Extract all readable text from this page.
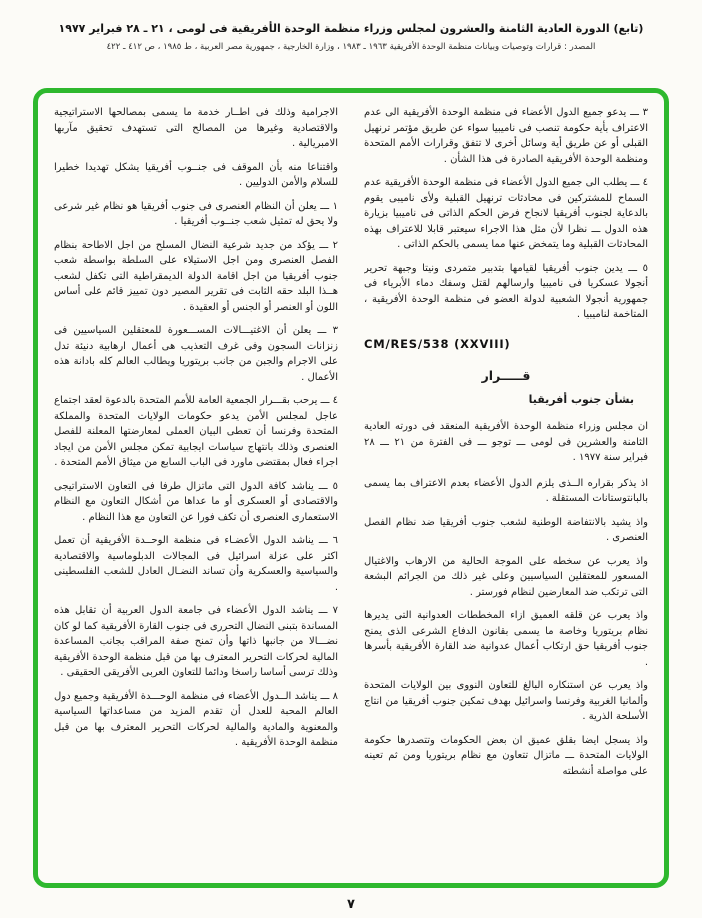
(تابع) الدورة العادية الثامنة والعشرون لمجلس وزراء منظمة الوحدة الأفريقية فى لومى ، ٢١ ـ ٢٨ فبراير ١٩٧٧
المصدر : قرارات وتوصيات وبيانات منظمة الوحدة الأفريقية ١٩٦٣ ـ ١٩٨٣ ، وزارة الخارجية ، جمهورية مصر العربية ، ط ١٩٨٥ ، ص ٤١٢ ـ ٤٢٢
٣ ـــ يدعو جميع الدول الأعضاء فى منظمة الوحدة الأفريقية الى عدم الاعتراف بأية حكومة تنصب فى ناميبيا سواء عن طريق مؤتمر ترنهيل القبلى أو عن طريق أية وسائل أخرى لا تتفق وقرارات الأمم المتحدة ومنظمة الوحدة الأفريقية الصادرة فى هذا الشأن .
٤ ـــ يطلب الى جميع الدول الأعضاء فى منظمة الوحدة الأفريقية عدم السماح للمشتركين فى محادثات ترنهيل القبلية ولأى ناميبى يقوم بالدعاية لجنوب أفريقيا لانجاح فرض الحكم الذاتى فى ناميبيا بزيارة هذه الدول ـــ نظرا لأن مثل هذا الاجراء سيعتبر قابلا للاعتراف بهذه المحادثات القبلية وما يتمخض عنها مما يسمى بالحكم الذاتى .
٥ ـــ يدين جنوب أفريقيا لقيامها بتدبير متمردى ونيتا وجبهة تحرير أنجولا عسكريا فى ناميبيا وارسالهم لقتل وسفك دماء الأبرياء فى جمهورية أنجولا الشعبية لدولة العضو فى منظمة الوحدة الأفريقية ، المتاخمة لناميبيا .
CM/RES/538 (XXVIII)
قـــــرار
بشأن جنوب أفريقيا
ان مجلس وزراء منظمة الوحدة الأفريقية المنعقد فى دورته العادية الثامنة والعشرين فى لومى ـــ توجو ـــ فى الفترة من ٢١ ـــ ٢٨ فبراير سنة ١٩٧٧ .
اذ يذكر بقراره الــذى يلزم الدول الأعضاء بعدم الاعتراف بما يسمى بالبانتوستانات المستقلة .
واذ يشيد بالانتفاضة الوطنية لشعب جنوب أفريقيا ضد نظام الفصل العنصرى .
واذ يعرب عن سخطه على الموجة الحالية من الارهاب والاغتيال المسعور للمعتقلين السياسيين وعلى غير ذلك من الجرائم البشعة التى ترتكب ضد المعارضين لنظام فورستر .
واذ يعرب عن قلقه العميق ازاء المخططات العدوانية التى يديرها نظام بريتوريا وخاصة ما يسمى بقانون الدفاع الشرعى الذى يمنح جنوب أفريقيا حق ارتكاب أعمال عدوانية ضد القارة الأفريقية بأسرها .
واذ يعرب عن استنكاره البالغ للتعاون النووى بين الولايات المتحدة وألمانيا الغربية وفرنسا واسرائيل بهدف تمكين جنوب أفريقيا من انتاج الأسلحة الذرية .
واذ يسجل ايضا بقلق عميق ان بعض الحكومات وتتصدرها حكومة الولايات المتحدة ـــ ماتزال تتعاون مع نظام بريتوريا ومن ثم تعينه على مواصلة أنشطته
الاجرامية وذلك فى اطــار خدمة ما يسمى بمصالحها الاستراتيجية والاقتصادية وغيرها من المصالح التى تستهدف تحقيق مآربها الامبريالية .
واقتناعا منه بأن الموقف فى جنــوب أفريقيا يشكل تهديدا خطيرا للسلام والأمن الدوليين .
١ ـــ يعلن أن النظام العنصرى فى جنوب أفريقيا هو نظام غير شرعى ولا يحق له تمثيل شعب جنــوب أفريقيا .
٢ ـــ يؤكد من جديد شرعية النضال المسلح من اجل الاطاحة بنظام الفصل العنصرى ومن اجل الاستيلاء على السلطة بواسطة شعب جنوب أفريقيا من اجل اقامة الدولة الديمقراطية التى تكفل لشعب هــذا البلد حقه الثابت فى تقرير المصير دون تمييز قائم على أساس اللون أو العنصر أو الجنس أو العقيدة .
٣ ـــ يعلن أن الاغتيـــالات المســـعورة للمعتقلين السياسيين فى زنزانات السجون وفى غرف التعذيب هى أعمال ارهابية دنيئة تدل على الاجرام والجبن من جانب بريتوريا ويطالب العالم كله بادانة هذه الأعمال .
٤ ـــ يرحب بقـــرار الجمعية العامة للأمم المتحدة بالدعوة لعقد اجتماع عاجل لمجلس الأمن يدعو حكومات الولايات المتحدة والمملكة المتحدة وفرنسا أن تعطى البيان العملى لمعارضتها المعلنة للفصل العنصرى وذلك بانتهاج سياسات ايجابية تمكن مجلس الأمن من ايجاد اجراء فعال بمقتضى ماورد فى الباب السابع من ميثاق الأمم المتحدة .
٥ ـــ يناشد كافة الدول التى ماتزال طرفا فى التعاون الاستراتيجى والاقتصادى أو العسكرى أو ما عداها من أشكال التعاون مع النظام الاستعمارى العنصرى أن تكف فورا عن التعاون مع هذا النظام .
٦ ـــ يناشد الدول الأعضـاء فى منظمة الوحــدة الأفريقية أن تعمل اكثر على عزلة اسرائيل فى المجالات الدبلوماسية والاقتصادية والسياسية والعسكرية وأن تساند النضـال العادل للشعب الفلسطينى .
٧ ـــ يناشد الدول الأعضاء فى جامعة الدول العربية أن تقابل هذه المساندة بتبنى النضال التحررى فى جنوب القارة الأفريقية كما لو كان نضـــالا من جانبها ذاتها وأن تمنح صفة المراقب بجانب المساعدة المالية لحركات التحرير المعترف بها من قبل منظمة الوحدة الأفريقية وذلك ترسى أساسا راسخا ودائما للتعاون العربى الأفريقى الحقيقى .
٨ ـــ يناشد الــدول الأعضاء فى منظمة الوحـــدة الأفريقية وجميع دول العالم المحبة للعدل أن تقدم المزيد من مساعداتها السياسية والمعنوية والمادية والمالية لحركات التحرير المعترف بها من قبل منظمة الوحدة الأفريقية .
٧
